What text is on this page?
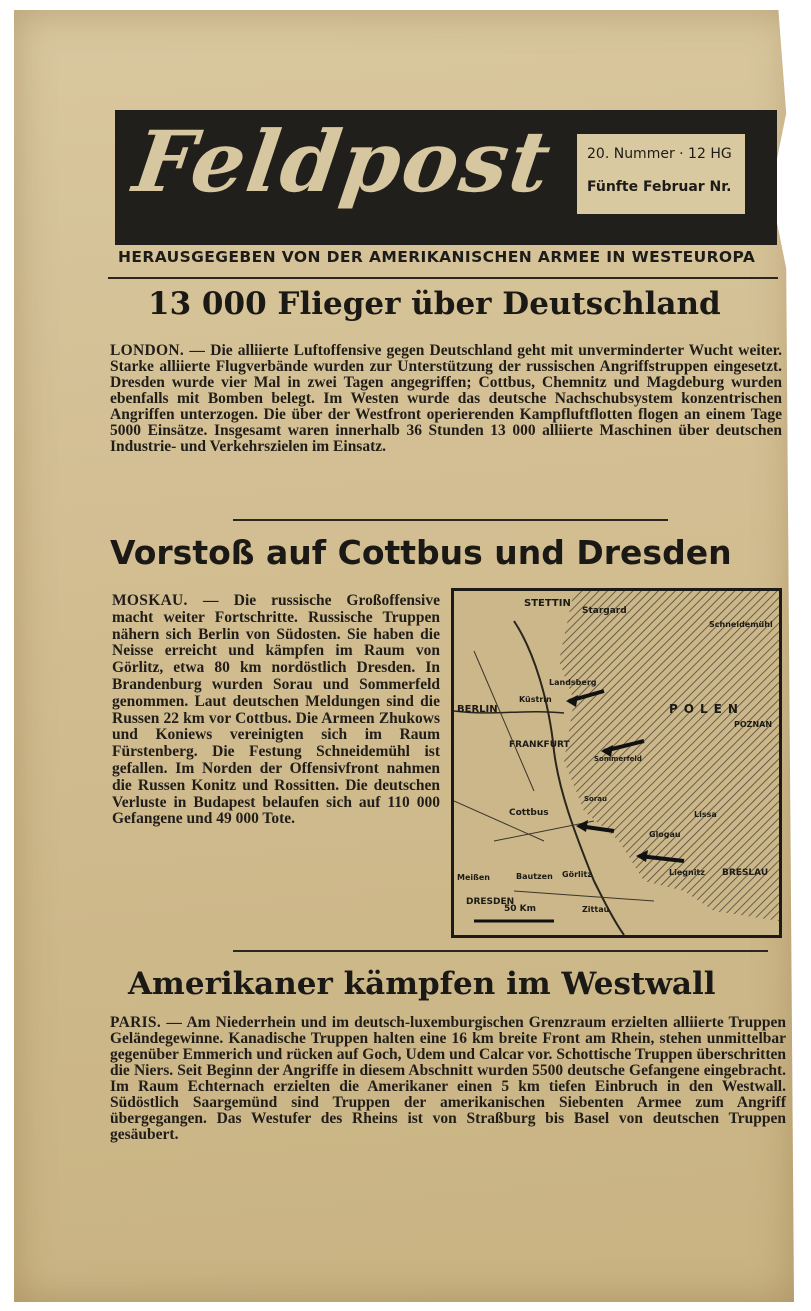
Feldpost 20. Nummer · 12 HG
Fünfte Februar Nr.
HERAUSGEGEBEN VON DER AMERIKANISCHEN ARMEE IN WESTEUROPA
13 000 Flieger über Deutschland
LONDON. — Die alliierte Luftoffensive gegen Deutschland geht mit unverminderter Wucht weiter. Starke alliierte Flugverbände wurden zur Unterstützung der russischen Angriffstruppen eingesetzt. Dresden wurde vier Mal in zwei Tagen angegriffen; Cottbus, Chemnitz und Magdeburg wurden ebenfalls mit Bomben belegt. Im Westen wurde das deutsche Nachschubsystem konzentrischen Angriffen unterzogen. Die über der Westfront operierenden Kampfluftflotten flogen an einem Tage 5000 Einsätze. Insgesamt waren innerhalb 36 Stunden 13 000 alliierte Maschinen über deutschen Industrie- und Verkehrszielen im Einsatz.
Vorstoß auf Cottbus und Dresden
MOSKAU. — Die russische Großoffensive macht weiter Fortschritte. Russische Truppen nähern sich Berlin von Südosten. Sie haben die Neisse erreicht und kämpfen im Raum von Görlitz, etwa 80 km nordöstlich Dresden. In Brandenburg wurden Sorau und Sommerfeld genommen. Laut deutschen Meldungen sind die Russen 22 km vor Cottbus. Die Armeen Zhukows und Koniews vereinigten sich im Raum Fürstenberg. Die Festung Schneidemühl ist gefallen. Im Norden der Offensivfront nahmen die Russen Konitz und Rossitten. Die deutschen Verluste in Budapest belaufen sich auf 110 000 Gefangene und 49 000 Tote.
STETTIN
Stargard
Schneidemühl
Landsberg
Küstrin
BERLIN
FRANKFURT
POZNAN
POLEN
Cottbus
Meißen
DRESDEN
Bautzen Görlitz
Zittau
Liegnitz BRESLAU
Glogau
Lissa
Sommerfeld
Sorau
50 Km
Amerikaner kämpfen im Westwall
PARIS. — Am Niederrhein und im deutsch-luxemburgischen Grenzraum erzielten alliierte Truppen Geländegewinne. Kanadische Truppen halten eine 16 km breite Front am Rhein, stehen unmittelbar gegenüber Emmerich und rücken auf Goch, Udem und Calcar vor. Schottische Truppen überschritten die Niers. Seit Beginn der Angriffe in diesem Abschnitt wurden 5500 deutsche Gefangene eingebracht. Im Raum Echternach erzielten die Amerikaner einen 5 km tiefen Einbruch in den Westwall. Südöstlich Saargemünd sind Truppen der amerikanischen Siebenten Armee zum Angriff übergegangen. Das Westufer des Rheins ist von Straßburg bis Basel von deutschen Truppen gesäubert.
